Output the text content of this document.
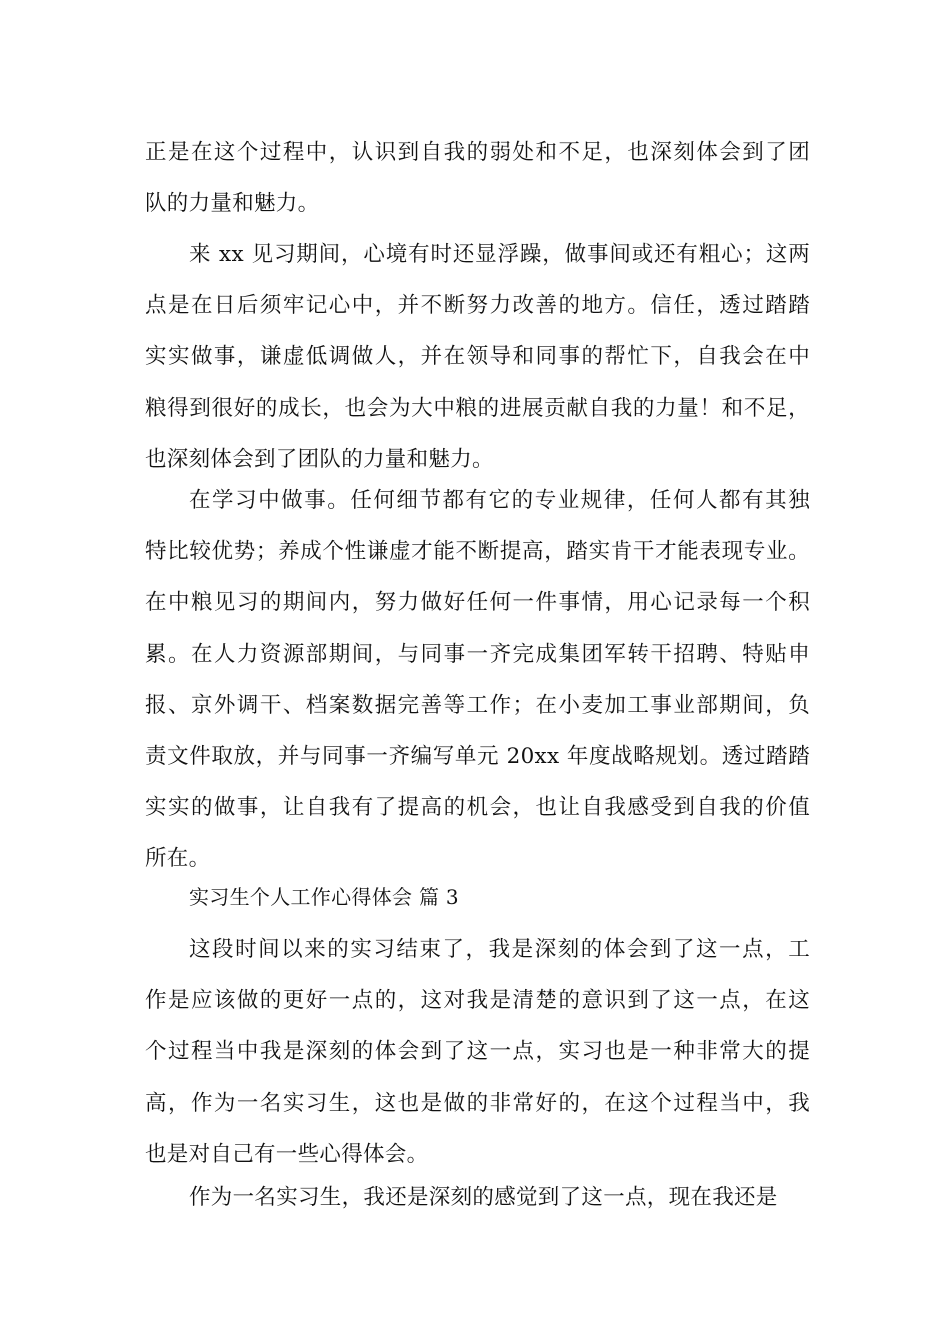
正是在这个过程中，认识到自我的弱处和不足，也深刻体会到了团
队的力量和魅力。
来 xx 见习期间，心境有时还显浮躁，做事间或还有粗心；这两
点是在日后须牢记心中，并不断努力改善的地方。信任，透过踏踏
实实做事，谦虚低调做人，并在领导和同事的帮忙下，自我会在中
粮得到很好的成长，也会为大中粮的进展贡献自我的力量！和不足，
也深刻体会到了团队的力量和魅力。
在学习中做事。任何细节都有它的专业规律，任何人都有其独
特比较优势；养成个性谦虚才能不断提高，踏实肯干才能表现专业。
在中粮见习的期间内，努力做好任何一件事情，用心记录每一个积
累。在人力资源部期间，与同事一齐完成集团军转干招聘、特贴申
报、京外调干、档案数据完善等工作；在小麦加工事业部期间，负
责文件取放，并与同事一齐编写单元 20xx 年度战略规划。透过踏踏
实实的做事，让自我有了提高的机会，也让自我感受到自我的价值
所在。
实习生个人工作心得体会 篇 3
这段时间以来的实习结束了，我是深刻的体会到了这一点，工
作是应该做的更好一点的，这对我是清楚的意识到了这一点，在这
个过程当中我是深刻的体会到了这一点，实习也是一种非常大的提
高，作为一名实习生，这也是做的非常好的，在这个过程当中，我
也是对自己有一些心得体会。
作为一名实习生，我还是深刻的感觉到了这一点，现在我还是
